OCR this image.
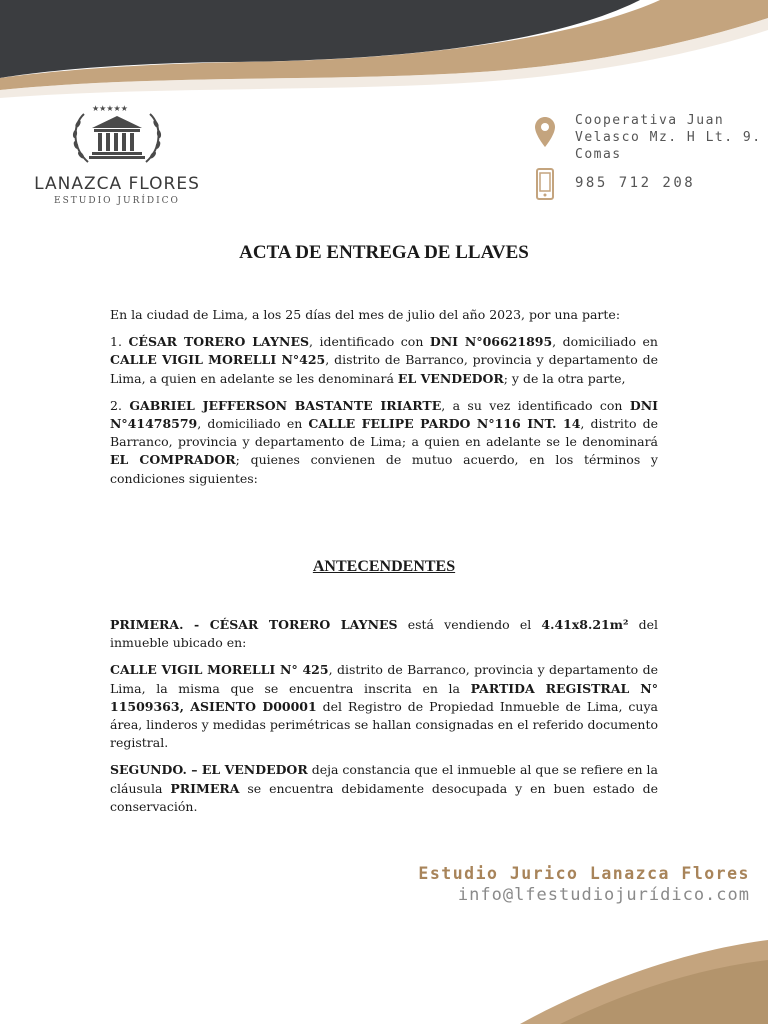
★★★★★
LANAZCA FLORES
ESTUDIO JURÍDICO
Cooperativa Juan Velasco Mz. H Lt. 9. Comas
985 712 208
ACTA DE ENTREGA DE LLAVES

En la ciudad de Lima, a los 25 días del mes de julio del año 2023, por una parte:

1. CÉSAR TORERO LAYNES, identificado con DNI N°06621895, domiciliado en CALLE VIGIL MORELLI N°425, distrito de Barranco, provincia y departamento de Lima, a quien en adelante se les denominará EL VENDEDOR; y de la otra parte,

2. GABRIEL JEFFERSON BASTANTE IRIARTE, a su vez identificado con DNI N°41478579, domiciliado en CALLE FELIPE PARDO N°116 INT. 14, distrito de Barranco, provincia y departamento de Lima; a quien en adelante se le denominará EL COMPRADOR; quienes convienen de mutuo acuerdo, en los términos y condiciones siguientes:

ANTECENDENTES

PRIMERA. - CÉSAR TORERO LAYNES está vendiendo el 4.41x8.21m² del inmueble ubicado en:

CALLE VIGIL MORELLI N° 425, distrito de Barranco, provincia y departamento de Lima, la misma que se encuentra inscrita en la PARTIDA REGISTRAL N° 11509363, ASIENTO D00001 del Registro de Propiedad Inmueble de Lima, cuya área, linderos y medidas perimétricas se hallan consignadas en el referido documento registral.

SEGUNDO. – EL VENDEDOR deja constancia que el inmueble al que se refiere en la cláusula PRIMERA se encuentra debidamente desocupada y en buen estado de conservación.

Estudio Jurico Lanazca Flores
info@lfestudiojurídico.com
